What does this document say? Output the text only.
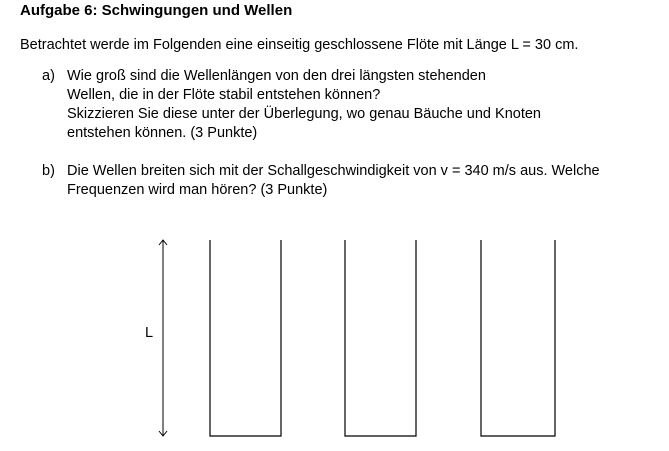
Aufgabe 6: Schwingungen und Wellen
Betrachtet werde im Folgenden eine einseitig geschlossene Flöte mit Länge L = 30 cm.
a) Wie groß sind die Wellenlängen von den drei längsten stehenden
Wellen, die in der Flöte stabil entstehen können?
Skizzieren Sie diese unter der Überlegung, wo genau Bäuche und Knoten
entstehen können. (3 Punkte)
b) Die Wellen breiten sich mit der Schallgeschwindigkeit von v = 340 m/s aus. Welche
Frequenzen wird man hören? (3 Punkte)
L
